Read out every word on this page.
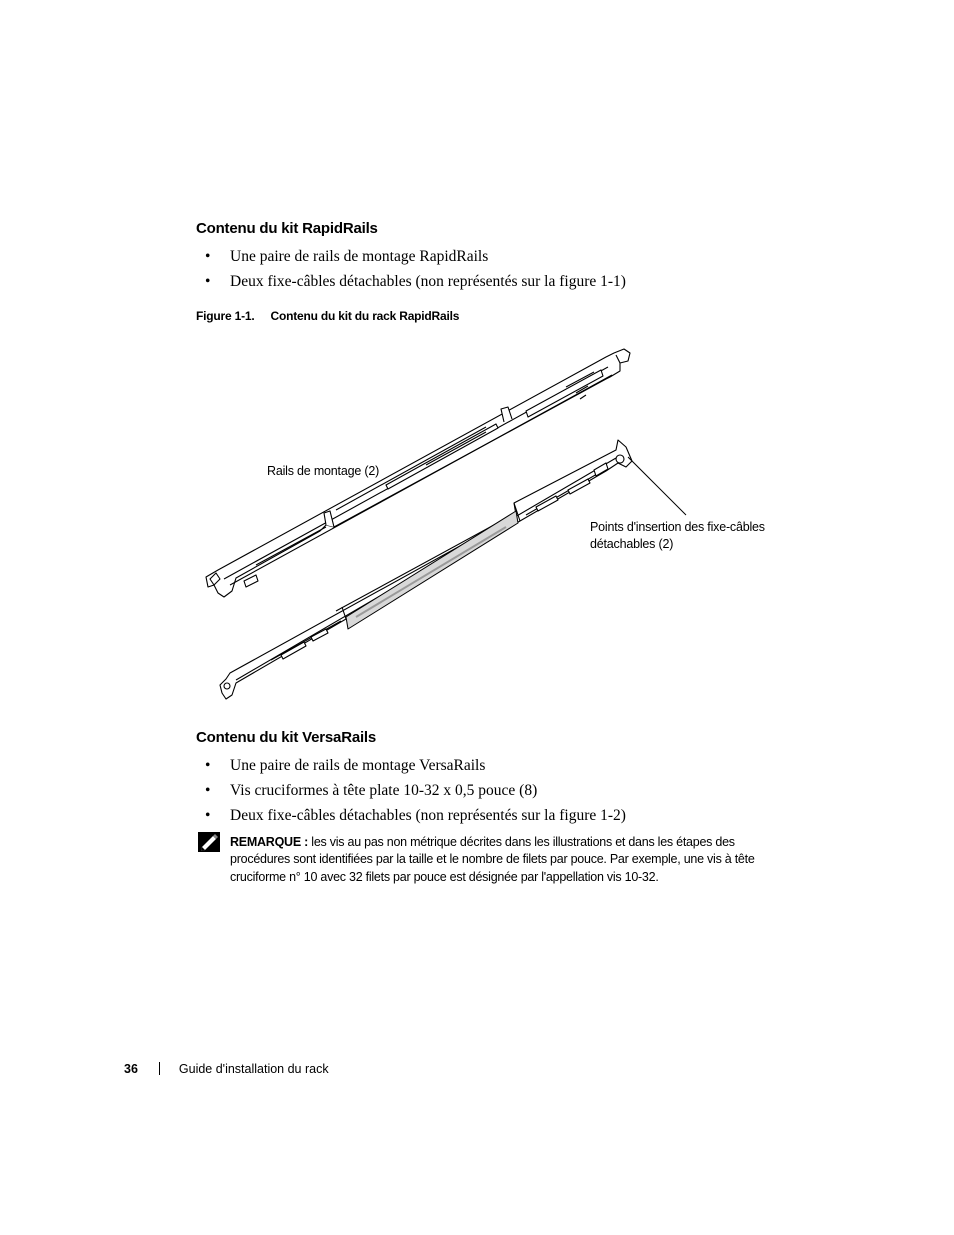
Contenu du kit RapidRails
• Une paire de rails de montage RapidRails
• Deux fixe-câbles détachables (non représentés sur la figure 1-1)
Figure 1-1. Contenu du kit du rack RapidRails
Rails de montage (2)
Points d'insertion des fixe-câbles
détachables (2)
Contenu du kit VersaRails
• Une paire de rails de montage VersaRails
• Vis cruciformes à tête plate 10-32 x 0,5 pouce (8)
• Deux fixe-câbles détachables (non représentés sur la figure 1-2)
REMARQUE : les vis au pas non métrique décrites dans les illustrations et dans les étapes des procédures sont identifiées par la taille et le nombre de filets par pouce. Par exemple, une vis à tête cruciforme n° 10 avec 32 filets par pouce est désignée par l'appellation vis 10-32.
36	Guide d'installation du rack
